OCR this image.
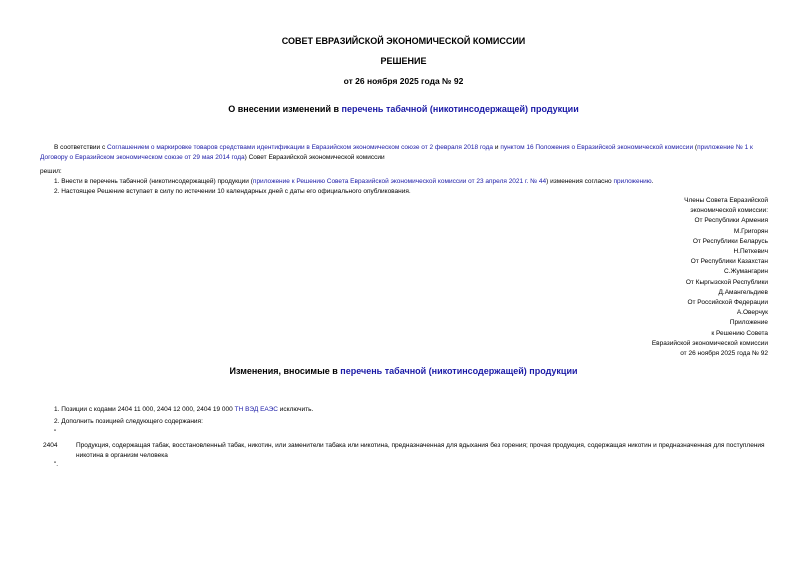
СОВЕТ ЕВРАЗИЙСКОЙ ЭКОНОМИЧЕСКОЙ КОМИССИИ
РЕШЕНИЕ
от 26 ноября 2025 года № 92
О внесении изменений в перечень табачной (никотинсодержащей) продукции
В соответствии с Соглашением о маркировке товаров средствами идентификации в Евразийском экономическом союзе от 2 февраля 2018 года и пунктом 16 Положения о Евразийской экономической комиссии (приложение № 1 к Договору о Евразийском экономическом союзе от 29 мая 2014 года) Совет Евразийской экономической комиссии
решил:
1. Внести в перечень табачной (никотинсодержащей) продукции (приложение к Решению Совета Евразийской экономической комиссии от 23 апреля 2021 г. № 44) изменения согласно приложению.
2. Настоящее Решение вступает в силу по истечении 10 календарных дней с даты его официального опубликования.
Члены Совета Евразийской
экономической комиссии:
От Республики Армения
М.Григорян
От Республики Беларусь
Н.Петкевич
От Республики Казахстан
С.Жумангарин
От Кыргызской Республики
Д.Амангельдиев
От Российской Федерации
А.Оверчук
Приложение
к Решению Совета
Евразийской экономической комиссии
от 26 ноября 2025 года № 92
Изменения, вносимые в перечень табачной (никотинсодержащей) продукции
1. Позиции с кодами 2404 11 000, 2404 12 000, 2404 19 000 ТН ВЭД ЕАЭС исключить.
2. Дополнить позицией следующего содержания:
"
2404	Продукция, содержащая табак, восстановленный табак, никотин, или заменители табака или никотина, предназначенная для вдыхания без горения; прочая продукция, содержащая никотин и предназначенная для поступления никотина в организм человека
".
